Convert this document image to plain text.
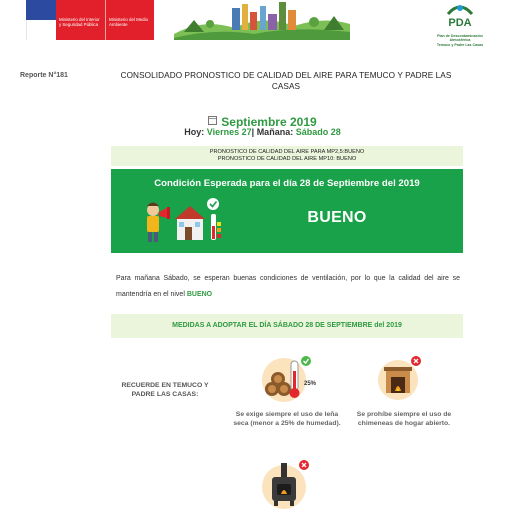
Ministerio del Interior y Seguridad Pública
Ministerio del Medio Ambiente	PDA
Plan de Descontaminación Atmosférica
Temuco y Padre Las Casas
Reporte N°181	CONSOLIDADO PRONOSTICO DE CALIDAD DEL AIRE PARA TEMUCO Y PADRE LAS CASAS
Septiembre 2019
Hoy: Viernes 27| Mañana: Sábado 28
PRONOSTICO DE CALIDAD DEL AIRE PARA MP2,5:BUENO
PRONOSTICO DE CALIDAD DEL AIRE MP10: BUENO
Condición Esperada para el día 28 de Septiembre del 2019
BUENO
Para mañana Sábado, se esperan buenas condiciones de ventilación, por lo que la calidad del aire se mantendría en el nivel BUENO
MEDIDAS A ADOPTAR EL DÍA SÁBADO 28 DE SEPTIEMBRE del 2019
RECUERDE EN TEMUCO Y PADRE LAS CASAS:
25%
Se exige siempre el uso de leña seca (menor a 25% de humedad).
Se prohíbe siempre el uso de chimeneas de hogar abierto.
